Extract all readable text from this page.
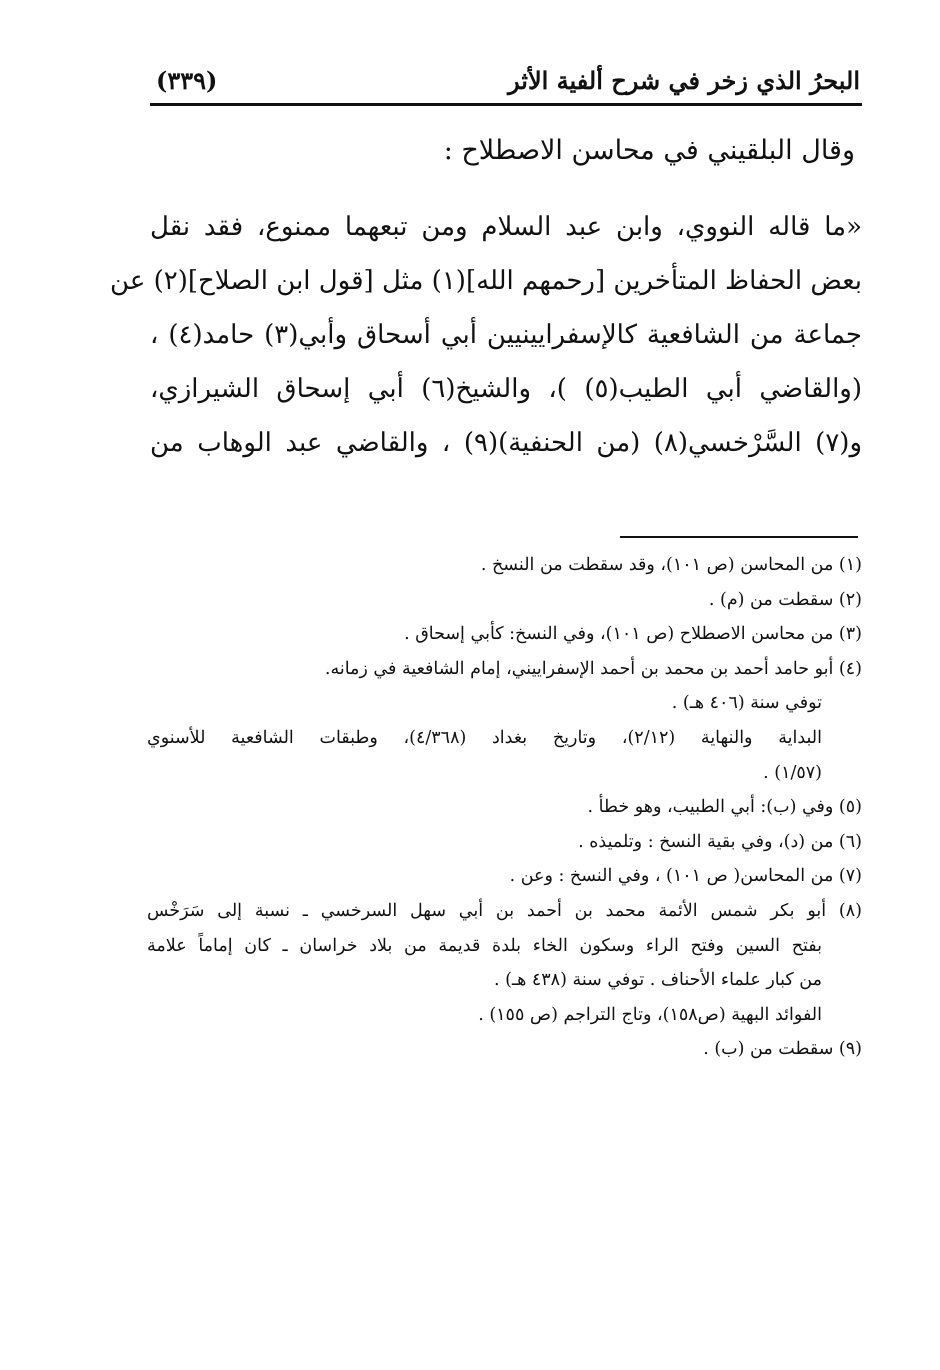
البحرُ الذي زخر في شرح ألفية الأثر
(٣٣٩)
وقال البلقيني في محاسن الاصطلاح :
«ما قاله النووي، وابن عبد السلام ومن تبعهما ممنوع، فقد نقل
بعض الحفاظ المتأخرين [رحمهم الله](١) مثل [قول ابن الصلاح](٢) عن
جماعة من الشافعية كالإسفرايينيين أبي أسحاق وأبي(٣) حامد(٤) ،
(والقاضي أبي الطيب(٥) )، والشيخ(٦) أبي إسحاق الشيرازي،
و(٧) السَّرْخسي(٨) (من الحنفية)(٩) ، والقاضي عبد الوهاب من
(١) من المحاسن (ص ١٠١)، وقد سقطت من النسخ .
(٢) سقطت من (م) .
(٣) من محاسن الاصطلاح (ص ١٠١)، وفي النسخ: كأبي إسحاق .
(٤) أبو حامد أحمد بن محمد بن أحمد الإسفراييني، إمام الشافعية في زمانه.
توفي سنة (٤٠٦ هـ) .
البداية والنهاية (٢/١٢)، وتاريخ بغداد (٤/٣٦٨)، وطبقات الشافعية للأسنوي
(١/٥٧) .
(٥) وفي (ب): أبي الطبيب، وهو خطأ .
(٦) من (د)، وفي بقية النسخ : وتلميذه .
(٧) من المحاسن( ص ١٠١) ، وفي النسخ : وعن .
(٨) أبو بكر شمس الأئمة محمد بن أحمد بن أبي سهل السرخسي ـ نسبة إلى سَرَخْس
بفتح السين وفتح الراء وسكون الخاء بلدة قديمة من بلاد خراسان ـ كان إماماً علامة
من كبار علماء الأحناف . توفي سنة (٤٣٨ هـ) .
الفوائد البهية (ص١٥٨)، وتاج التراجم (ص ١٥٥) .
(٩) سقطت من (ب) .
